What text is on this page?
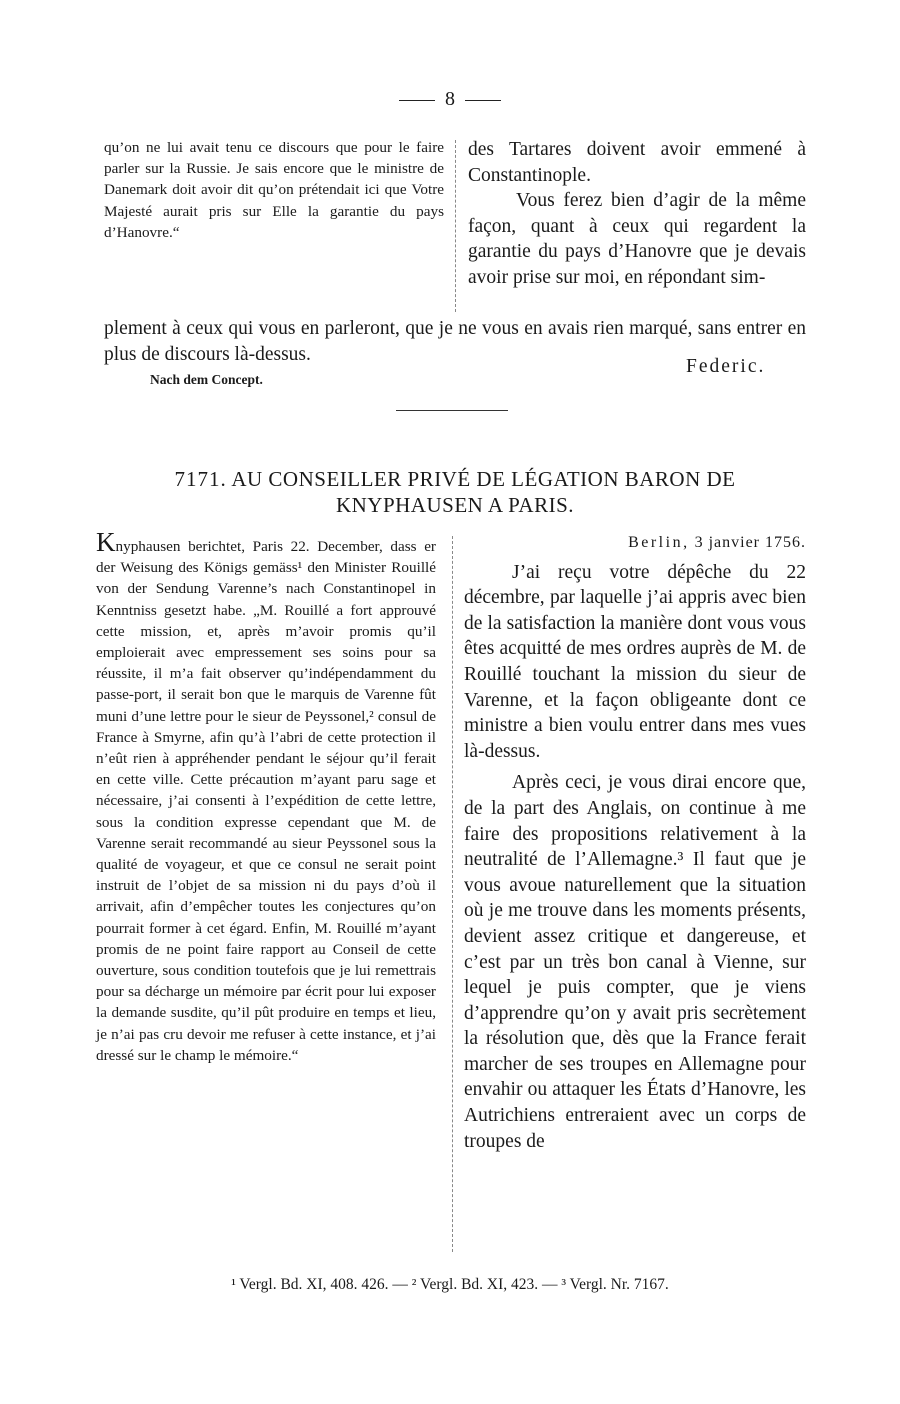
8

qu’on ne lui avait tenu ce discours que pour le faire parler sur la Russie. Je sais encore que le ministre de Danemark doit avoir dit qu’on prétendait ici que Votre Majesté aurait pris sur Elle la garantie du pays d’Hanovre.“

des Tartares doivent avoir emmené à Constantinople.

Vous ferez bien d’agir de la même façon, quant à ceux qui regardent la garantie du pays d’Hanovre que je devais avoir prise sur moi, en répondant sim-

plement à ceux qui vous en parleront, que je ne vous en avais rien marqué, sans entrer en plus de discours là-dessus.

Federic.
Nach dem Concept.
7171. AU CONSEILLER PRIVÉ DE LÉGATION BARON DE
KNYPHAUSEN A PARIS.

Knyphausen berichtet, Paris 22. December, dass er der Weisung des Königs gemäss¹ den Minister Rouillé von der Sendung Varenne’s nach Constantinopel in Kenntniss gesetzt habe. „M. Rouillé a fort approuvé cette mission, et, après m’avoir promis qu’il emploierait avec empressement ses soins pour sa réussite, il m’a fait observer qu’indépendamment du passe-port, il serait bon que le marquis de Varenne fût muni d’une lettre pour le sieur de Peyssonel,² consul de France à Smyrne, afin qu’à l’abri de cette protection il n’eût rien à appréhender pendant le séjour qu’il ferait en cette ville. Cette précaution m’ayant paru sage et nécessaire, j’ai consenti à l’expédition de cette lettre, sous la condition expresse cependant que M. de Varenne serait recommandé au sieur Peyssonel sous la qualité de voyageur, et que ce consul ne serait point instruit de l’objet de sa mission ni du pays d’où il arrivait, afin d’empêcher toutes les conjectures qu’on pourrait former à cet égard. Enfin, M. Rouillé m’ayant promis de ne point faire rapport au Conseil de cette ouverture, sous condition toutefois que je lui remettrais pour sa décharge un mémoire par écrit pour lui exposer la demande susdite, qu’il pût produire en temps et lieu, je n’ai pas cru devoir me refuser à cette instance, et j’ai dressé sur le champ le mémoire.“

Berlin, 3 janvier 1756.

J’ai reçu votre dépêche du 22 décembre, par laquelle j’ai appris avec bien de la satisfaction la manière dont vous vous êtes acquitté de mes ordres auprès de M. de Rouillé touchant la mission du sieur de Varenne, et la façon obligeante dont ce ministre a bien voulu entrer dans mes vues là-dessus.

Après ceci, je vous dirai encore que, de la part des Anglais, on continue à me faire des propositions relativement à la neutralité de l’Allemagne.³ Il faut que je vous avoue naturellement que la situation où je me trouve dans les moments présents, devient assez critique et dangereuse, et c’est par un très bon canal à Vienne, sur lequel je puis compter, que je viens d’apprendre qu’on y avait pris secrètement la résolution que, dès que la France ferait marcher de ses troupes en Allemagne pour envahir ou attaquer les États d’Hanovre, les Autrichiens entreraient avec un corps de troupes de

¹ Vergl. Bd. XI, 408. 426. — ² Vergl. Bd. XI, 423. — ³ Vergl. Nr. 7167.
